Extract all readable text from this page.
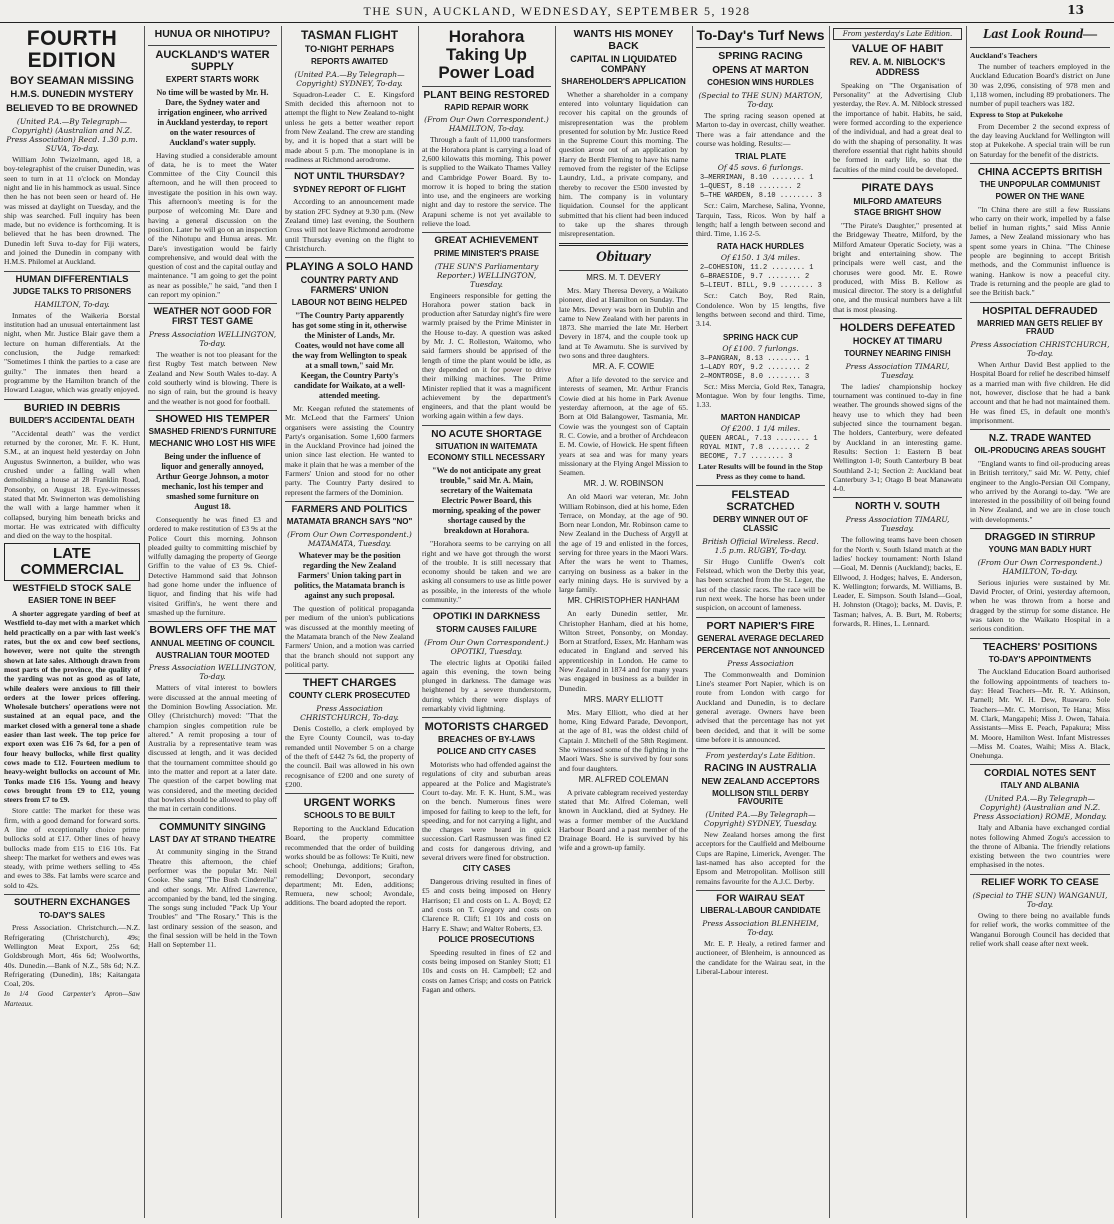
THE SUN, AUCKLAND, WEDNESDAY, SEPTEMBER 5, 1928	13
FOURTH EDITION
BOY SEAMAN MISSING
H.M.S. DUNEDIN MYSTERY
BELIEVED TO BE DROWNED
(United P.A.—By Telegraph—Copyright) (Australian and N.Z. Press Association) Recd. 1.30 p.m. SUVA, To-day.

William John Twizelmann, aged 18, a boy-telegraphist of the cruiser Dunedin, was seen to turn in at 11 o'clock on Monday night and lie in his hammock as usual. Since then he has not been seen or heard of. He was missed at daylight on Tuesday, and the ship was searched. Full inquiry has been made, but no evidence is forthcoming. It is believed that he has been drowned. The Dunedin left Suva to-day for Fiji waters, and joined the Dunedin in company with H.M.S. Philomel at Auckland.

HUMAN DIFFERENTIALS
JUDGE TALKS TO PRISONERS
HAMILTON, To-day.

Inmates of the Waikeria Borstal institution had an unusual entertainment last night, when Mr. Justice Blair gave them a lecture on human differentials. At the conclusion, the Judge remarked: "Sometimes I think the parties to a case are guilty." The inmates then heard a programme by the Hamilton branch of the Howard League, which was greatly enjoyed.

BURIED IN DEBRIS
BUILDER'S ACCIDENTAL DEATH

"Accidental death" was the verdict returned by the coroner, Mr. F. K. Hunt, S.M., at an inquest held yesterday on John Augustus Swinnerton, a builder, who was crushed under a falling wall when demolishing a house at 28 Franklin Road, Ponsonby, on August 18. Eye-witnesses stated that Mr. Swinnerton was demolishing the wall with a large hammer when it collapsed, burying him beneath bricks and mortar. He was extricated with difficulty and died on the way to the hospital.

LATE COMMERCIAL
WESTFIELD STOCK SALE
EASIER TONE IN BEEF

A shorter aggregate yarding of beef at Westfield to-day met with a market which held practically on a par with last week's rates, but the ox and cow beef sections, however, were not quite the strength shown at late sales. Although drawn from most parts of the province, the quality of the yarding was not as good as of late, while dealers were anxious to fill their orders at the lower prices offering. Wholesale butchers' operations were not sustained at an equal pace, and the market closed with a general tone a shade easier than last week. The top price for export oxen was £16 7s 6d, for a pen of four heavy bullocks, while first quality cows made to £12. Fourteen medium to heavy-weight bullocks on account of Mr. Tonks made £16 15s. Young and heavy cows brought from £9 to £12, young steers from £7 to £9.

Store cattle: The market for these was firm, with a good demand for forward sorts. A line of exceptionally choice prime bullocks sold at £17. Other lines of heavy bullocks made from £15 to £16 10s. Fat sheep: The market for wethers and ewes was steady, with prime wethers selling to 45s and ewes to 38s. Fat lambs were scarce and sold to 42s.

SOUTHERN EXCHANGES
TO-DAY'S SALES

Press Association. Christchurch.—N.Z. Refrigerating (Christchurch), 49s; Wellington Meat Export, 25s 6d; Goldsbrough Mort, 46s 6d; Woolworths, 40s. Dunedin.—Bank of N.Z., 58s 6d; N.Z. Refrigerating (Dunedin), 18s; Kaitangata Coal, 20s.

In 1/4 Good Carpenter's Apron—Saw Marteaux.

HUNUA OR NIHOTIPU?
AUCKLAND'S WATER SUPPLY
EXPERT STARTS WORK
No time will be wasted by Mr. H. Dare, the Sydney water and irrigation engineer, who arrived in Auckland yesterday, to report on the water resources of Auckland's water supply.

Having studied a considerable amount of data, he is to meet the Water Committee of the City Council this afternoon, and he will then proceed to investigate the position in his own way. This afternoon's meeting is for the purpose of welcoming Mr. Dare and having a general discussion on the position. Later he will go on an inspection of the Nihotupu and Hunua areas. Mr. Dare's investigation would be fairly comprehensive, and would deal with the question of cost and the capital outlay and maintenance. "I am going to get the point as near as possible," he said, "and then I can report my opinion."

WEATHER NOT GOOD FOR FIRST TEST GAME
Press Association WELLINGTON, To-day.

The weather is not too pleasant for the first Rugby Test match between New Zealand and New South Wales to-day. A cold southerly wind is blowing. There is no sign of rain, but the ground is heavy and the weather is not good for football.

SHOWED HIS TEMPER
SMASHED FRIEND'S FURNITURE
MECHANIC WHO LOST HIS WIFE
Being under the influence of liquor and generally annoyed, Arthur George Johnson, a motor mechanic, lost his temper and smashed some furniture on August 18.

Consequently he was fined £3 and ordered to make restitution of £3 9s at the Police Court this morning. Johnson pleaded guilty to committing mischief by wilfully damaging the property of George Griffin to the value of £3 9s. Chief-Detective Hammond said that Johnson had gone home under the influence of liquor, and finding that his wife had visited Griffin's, he went there and smashed up the furniture.

BOWLERS OFF THE MAT
ANNUAL MEETING OF COUNCIL
AUSTRALIAN TOUR MOOTED
Press Association WELLINGTON, To-day.

Matters of vital interest to bowlers were discussed at the annual meeting of the Dominion Bowling Association. Mr. Olley (Christchurch) moved: "That the champion singles competition rule be altered." A remit proposing a tour of Australia by a representative team was discussed at length, and it was decided that the tournament committee should go into the matter and report at a later date. The question of the carpet bowling mat was considered, and the meeting decided that bowlers should be allowed to play off the mat in certain conditions.

COMMUNITY SINGING
LAST DAY AT STRAND THEATRE

At community singing in the Strand Theatre this afternoon, the chief performer was the popular Mr. Neil Cooke. She sang "The Bush Cinderella" and other songs. Mr. Alfred Lawrence, accompanied by the band, led the singing. The songs sung included "Pack Up Your Troubles" and "The Rosary." This is the last ordinary session of the season, and the final session will be held in the Town Hall on September 11.

TASMAN FLIGHT
TO-NIGHT PERHAPS
REPORTS AWAITED
(United P.A.—By Telegraph—Copyright) SYDNEY, To-day.

Squadron-Leader C. E. Kingsford Smith decided this afternoon not to attempt the flight to New Zealand to-night unless he gets a better weather report from New Zealand. The crew are standing by, and it is hoped that a start will be made about 5 p.m. The monoplane is in readiness at Richmond aerodrome.

NOT UNTIL THURSDAY?
SYDNEY REPORT OF FLIGHT

According to an announcement made by station 2FC Sydney at 9.30 p.m. (New Zealand time) last evening, the Southern Cross will not leave Richmond aerodrome until Thursday evening on the flight to Christchurch.

PLAYING A SOLO HAND
COUNTRY PARTY AND FARMERS' UNION
LABOUR NOT BEING HELPED
"The Country Party apparently has got some sting in it, otherwise the Minister of Lands, Mr. Coates, would not have come all the way from Wellington to speak at a small town," said Mr. Keegan, the Country Party's candidate for Waikato, at a well-attended meeting.

Mr. Keegan refuted the statements of Mr. McLeod that the Farmers' Union organisers were assisting the Country Party's organisation. Some 1,600 farmers in the Auckland Province had joined the union since last election. He wanted to make it plain that he was a member of the Farmers' Union and stood for no other party. The Country Party desired to represent the farmers of the Dominion.

FARMERS AND POLITICS
MATAMATA BRANCH SAYS "NO"
(From Our Own Correspondent.) MATAMATA, Tuesday.
Whatever may be the position regarding the New Zealand Farmers' Union taking part in politics, the Matamata branch is against any such proposal.

The question of political propaganda per medium of the union's publications was discussed at the monthly meeting of the Matamata branch of the New Zealand Farmers' Union, and a motion was carried that the branch should not support any political party.

THEFT CHARGES
COUNTY CLERK PROSECUTED
Press Association CHRISTCHURCH, To-day.

Denis Costello, a clerk employed by the Eyre County Council, was to-day remanded until November 5 on a charge of the theft of £442 7s 6d, the property of the council. Bail was allowed in his own recognisance of £200 and one surety of £200.

URGENT WORKS
SCHOOLS TO BE BUILT

Reporting to the Auckland Education Board, the property committee recommended that the order of building works should be as follows: Te Kuiti, new school; Onehunga, additions; Grafton, remodelling; Devonport, secondary department; Mt. Eden, additions; Remuera, new school; Avondale, additions. The board adopted the report.

Horahora Taking Up Power Load
PLANT BEING RESTORED
RAPID REPAIR WORK
(From Our Own Correspondent.) HAMILTON, To-day.

Through a fault of 11,000 transformers at the Horahora plant is carrying a load of 2,600 kilowatts this morning. This power is supplied to the Waikato Thames Valley and Cambridge Power Board. By to-morrow it is hoped to bring the station into use, and the engineers are working night and day to restore the service. The Arapuni scheme is not yet available to relieve the load.

GREAT ACHIEVEMENT
PRIME MINISTER'S PRAISE
(THE SUN'S Parliamentary Reporter.) WELLINGTON, Tuesday.

Engineers responsible for getting the Horahora power station back in production after Saturday night's fire were warmly praised by the Prime Minister in the House to-day. A question was asked by Mr. J. C. Rolleston, Waitomo, who said farmers should be apprised of the length of time the plant would be idle, as they depended on it for power to drive their milking machines. The Prime Minister replied that it was a magnificent achievement by the department's engineers, and that the plant would be working again within a few days.

NO ACUTE SHORTAGE
SITUATION IN WAITEMATA
ECONOMY STILL NECESSARY
"We do not anticipate any great trouble," said Mr. A. Main, secretary of the Waitemata Electric Power Board, this morning, speaking of the power shortage caused by the breakdown at Horahora.

"Horahora seems to be carrying on all right and we have got through the worst of the trouble. It is still necessary that economy should be taken and we are asking all consumers to use as little power as possible, in the interests of the whole community."

OPOTIKI IN DARKNESS
STORM CAUSES FAILURE
(From Our Own Correspondent.) OPOTIKI, Tuesday.

The electric lights at Opotiki failed again this evening, the town being plunged in darkness. The damage was heightened by a severe thunderstorm, during which there were displays of remarkably vivid lightning.

MOTORISTS CHARGED
BREACHES OF BY-LAWS
POLICE AND CITY CASES

Motorists who had offended against the regulations of city and suburban areas appeared at the Police and Magistrate's Court to-day. Mr. F. K. Hunt, S.M., was on the bench. Numerous fines were imposed for failing to keep to the left, for speeding, and for not carrying a light, and the charges were heard in quick succession. Carl Rasmussen was fined £2 and costs for dangerous driving, and several drivers were fined for obstruction.

CITY CASES

Dangerous driving resulted in fines of £5 and costs being imposed on Henry Harrison; £1 and costs on L. A. Boyd; £2 and costs on T. Gregory and costs on Clarence R. Clift; £1 10s and costs on Harry E. Shaw; and Walter Roberts, £3.

POLICE PROSECUTIONS

Speeding resulted in fines of £2 and costs being imposed on Stanley Stott; £1 10s and costs on H. Campbell; £2 and costs on James Crisp; and costs on Patrick Fagan and others.

WANTS HIS MONEY BACK
CAPITAL IN LIQUIDATED COMPANY
SHAREHOLDER'S APPLICATION

Whether a shareholder in a company entered into voluntary liquidation can recover his capital on the grounds of misrepresentation was the problem presented for solution by Mr. Justice Reed in the Supreme Court this morning. The question arose out of an application by Harry de Berdt Fleming to have his name removed from the register of the Eclipse Laundry, Ltd., a private company, and thereby to recover the £500 invested by him. The company is in voluntary liquidation. Counsel for the applicant submitted that his client had been induced to take up the shares through misrepresentation.

Obituary
MRS. M. T. DEVERY

Mrs. Mary Theresa Devery, a Waikato pioneer, died at Hamilton on Sunday. The late Mrs. Devery was born in Dublin and came to New Zealand with her parents in 1873. She married the late Mr. Herbert Devery in 1874, and the couple took up land at Te Awamutu. She is survived by two sons and three daughters.

MR. A. F. COWIE

After a life devoted to the service and interests of seamen, Mr. Arthur Francis Cowie died at his home in Park Avenue yesterday afternoon, at the age of 65. Born at Old Balangower, Tasmania, Mr. Cowie was the youngest son of Captain R. C. Cowie, and a brother of Archdeacon E. M. Cowie, of Howick. He spent fifteen years at sea and was for many years missionary at the Flying Angel Mission to Seamen.

MR. J. W. ROBINSON

An old Maori war veteran, Mr. John William Robinson, died at his home, Eden Terrace, on Monday, at the age of 90. Born near London, Mr. Robinson came to New Zealand in the Duchess of Argyll at the age of 19 and enlisted in the forces, serving for three years in the Maori Wars. After the wars he went to Thames, carrying on business as a baker in the early mining days. He is survived by a large family.

MR. CHRISTOPHER HANHAM

An early Dunedin settler, Mr. Christopher Hanham, died at his home, Wilton Street, Ponsonby, on Monday. Born at Stratford, Essex, Mr. Hanham was educated in England and served his apprenticeship in London. He came to New Zealand in 1874 and for many years was engaged in business as a builder in Dunedin.

MRS. MARY ELLIOTT

Mrs. Mary Elliott, who died at her home, King Edward Parade, Devonport, at the age of 81, was the oldest child of Captain J. Mitchell of the 58th Regiment. She witnessed some of the fighting in the Maori Wars. She is survived by four sons and four daughters.

MR. ALFRED COLEMAN

A private cablegram received yesterday stated that Mr. Alfred Coleman, well known in Auckland, died at Sydney. He was a former member of the Auckland Harbour Board and a past member of the Drainage Board. He is survived by his wife and a grown-up family.

To-Day's Turf News
SPRING RACING
OPENS AT MARTON
COHESION WINS HURDLES
(Special to THE SUN) MARTON, To-day.

The spring racing season opened at Marton to-day in overcast, chilly weather. There was a fair attendance and the course was holding. Results:—

TRIAL PLATE
Of 45 sovs. 6 furlongs.
3—MERRIMAN, 8.10 ........ 1
1—QUEST, 8.10 ........ 2
5—THE WARDEN, 8.10 ........ 3

Scr.: Cairn, Marchese, Salina, Yvonne, Tarquin, Tass, Ricos. Won by half a length; half a length between second and third. Time, 1.16 2-5.

RATA HACK HURDLES
Of £150. 1 3/4 miles.
2—COHESION, 11.2 ........ 1
6—BRAESIDE, 9.7 ........ 2
5—LIEUT. BILL, 9.9 ........ 3

Scr.: Catch Boy, Red Rain, Condolence. Won by 15 lengths, five lengths between second and third. Time, 3.14.

SPRING HACK CUP
Of £100. 7 furlongs.
3—PANGRAN, 8.13 ........ 1
1—LADY ROY, 9.2 ........ 2
2—MONTROSE, 8.0 ........ 3

Scr.: Miss Mercia, Gold Rex, Tanagra, Montague. Won by four lengths. Time, 1.33.

MARTON HANDICAP
Of £200. 1 1/4 miles.
QUEEN ARCAL, 7.13 ........ 1
ROYAL MINT, 7.8 ........ 2
BECOME, 7.7 ........ 3

Later Results will be found in the Stop Press as they come to hand.

FELSTEAD SCRATCHED
DERBY WINNER OUT OF CLASSIC
British Official Wireless. Recd. 1.5 p.m. RUGBY, To-day.

Sir Hugo Cunliffe Owen's colt Felstead, which won the Derby this year, has been scratched from the St. Leger, the last of the classic races. The race will be run next week. The horse has been under suspicion, on account of lameness.

PORT NAPIER'S FIRE
GENERAL AVERAGE DECLARED
PERCENTAGE NOT ANNOUNCED
Press Association

The Commonwealth and Dominion Line's steamer Port Napier, which is on route from London with cargo for Auckland and Dunedin, is to declare general average. Owners have been advised that the percentage has not yet been decided, and that it will be some time before it is announced.

From yesterday's Late Edition.
RACING IN AUSTRALIA
NEW ZEALAND ACCEPTORS
MOLLISON STILL DERBY FAVOURITE
(United P.A.—By Telegraph—Copyright) SYDNEY, Tuesday.

New Zealand horses among the first acceptors for the Caulfield and Melbourne Cups are Rapine, Limerick, Avenger. The last-named has also accepted for the Epsom and Metropolitan. Mollison still remains favourite for the A.J.C. Derby.

FOR WAIRAU SEAT
LIBERAL-LABOUR CANDIDATE
Press Association BLENHEIM, To-day.

Mr. E. P. Healy, a retired farmer and auctioneer, of Blenheim, is announced as the candidate for the Wairau seat, in the Liberal-Labour interest.

From yesterday's Late Edition.
VALUE OF HABIT
REV. A. M. NIBLOCK'S ADDRESS

Speaking on "The Organisation of Personality" at the Advertising Club yesterday, the Rev. A. M. Niblock stressed the importance of habit. Habits, he said, were formed according to the experience of the individual, and had a great deal to do with the shaping of personality. It was therefore essential that right habits should be formed in early life, so that the faculties of the mind could be developed.

PIRATE DAYS
MILFORD AMATEURS
STAGE BRIGHT SHOW

"The Pirate's Daughter," presented at the Bridgeway Theatre, Milford, by the Milford Amateur Operatic Society, was a bright and entertaining show. The principals were well cast, and the choruses were good. Mr. E. Rowe produced, with Miss B. Kellow as musical director. The story is a delightful one, and the musical numbers have a lilt that is most pleasing.

HOLDERS DEFEATED
HOCKEY AT TIMARU
TOURNEY NEARING FINISH
Press Association TIMARU, Tuesday.

The ladies' championship hockey tournament was continued to-day in fine weather. The grounds showed signs of the heavy use to which they had been subjected since the tournament began. The holders, Canterbury, were defeated by Auckland in an interesting game. Results: Section 1: Eastern B beat Wellington 1-0; South Canterbury B beat Southland 2-1; Section 2: Auckland beat Canterbury 3-1; Otago B beat Manawatu 4-0.

NORTH V. SOUTH
Press Association TIMARU, Tuesday.

The following teams have been chosen for the North v. South Island match at the ladies' hockey tournament: North Island—Goal, M. Dennis (Auckland); backs, E. Ellwood, J. Hodges; halves, E. Anderson, K. Wellington; forwards, M. Williams, B. Leader, E. Simpson. South Island—Goal, H. Johnston (Otago); backs, M. Davis, P. Tasman; halves, A. B. Burt, M. Roberts; forwards, R. Hines, L. Lennard.

Last Look Round—

Auckland's Teachers

The number of teachers employed in the Auckland Education Board's district on June 30 was 2,096, consisting of 978 men and 1,118 women, including 89 probationers. The number of pupil teachers was 182.

Express to Stop at Pukekohe

From December 2 the second express of the day leaving Auckland for Wellington will stop at Pukekohe. A special train will be run on Saturday for the benefit of the districts.

CHINA ACCEPTS BRITISH
THE UNPOPULAR COMMUNIST
POWER ON THE WANE

"In China there are still a few Russians who carry on their work, impelled by a false belief in human rights," said Miss Annie James, a New Zealand missionary who has spent some years in China. "The Chinese people are beginning to accept British methods, and the Communist influence is waning. Hankow is now a peaceful city. Trade is returning and the people are glad to see the British back."

HOSPITAL DEFRAUDED
MARRIED MAN GETS RELIEF BY FRAUD
Press Association CHRISTCHURCH, To-day.

When Arthur David Best applied to the Hospital Board for relief he described himself as a married man with five children. He did not, however, disclose that he had a bank account and that he had not maintained them. He was fined £5, in default one month's imprisonment.

N.Z. TRADE WANTED
OIL-PRODUCING AREAS SOUGHT

"England wants to find oil-producing areas in British territory," said Mr. W. Petty, chief engineer to the Anglo-Persian Oil Company, who arrived by the Aorangi to-day. "We are interested in the possibility of oil being found in New Zealand, and we are in close touch with developments."

DRAGGED IN STIRRUP
YOUNG MAN BADLY HURT
(From Our Own Correspondent.) HAMILTON, To-day.

Serious injuries were sustained by Mr. David Procter, of Orini, yesterday afternoon, when he was thrown from a horse and dragged by the stirrup for some distance. He was taken to the Waikato Hospital in a serious condition.

TEACHERS' POSITIONS
TO-DAY'S APPOINTMENTS

The Auckland Education Board authorised the following appointments of teachers to-day: Head Teachers—Mr. R. Y. Atkinson, Parnell; Mr. W. H. Dew, Ruawaro. Sole Teachers—Mr. C. Morrison, Te Hana; Miss M. Clark, Mangapehi; Miss J. Owen, Tahaia. Assistants—Miss E. Peach, Papakura; Miss M. Moore, Hamilton West. Infant Mistresses—Miss M. Coates, Waihi; Miss A. Black, Onehunga.

CORDIAL NOTES SENT
ITALY AND ALBANIA
(United P.A.—By Telegraph—Copyright) (Australian and N.Z. Press Association) ROME, Monday.

Italy and Albania have exchanged cordial notes following Ahmed Zogu's accession to the throne of Albania. The friendly relations existing between the two countries were emphasised in the notes.

RELIEF WORK TO CEASE
(Special to THE SUN) WANGANUI, To-day.

Owing to there being no available funds for relief work, the works committee of the Wanganui Borough Council has decided that relief work shall cease after next week.
